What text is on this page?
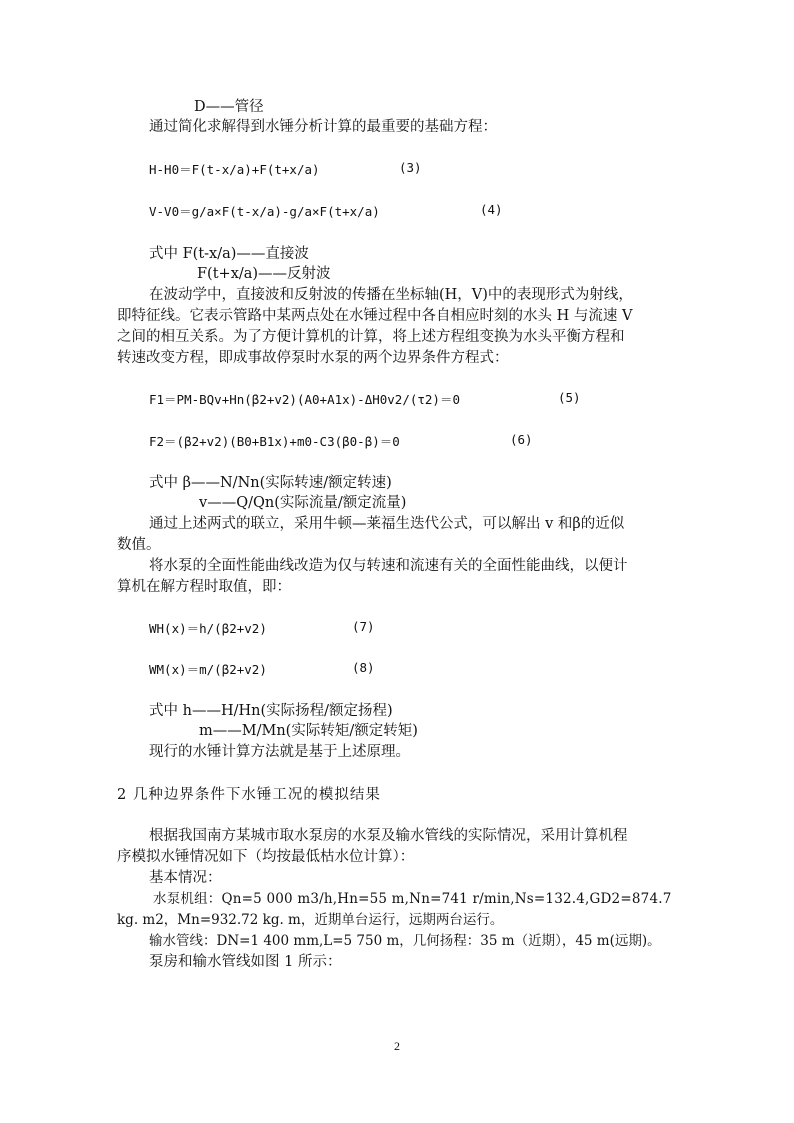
D——管径
通过简化求解得到水锤分析计算的最重要的基础方程：
H-H0＝F(t-x/a)+F(t+x/a)	(3)
V-V0＝g/a×F(t-x/a)-g/a×F(t+x/a)	(4)
式中 F(t-x/a)——直接波
F(t+x/a)——反射波
在波动学中，直接波和反射波的传播在坐标轴(H，V)中的表现形式为射线，
即特征线。它表示管路中某两点处在水锤过程中各自相应时刻的水头 H 与流速 V
之间的相互关系。为了方便计算机的计算，将上述方程组变换为水头平衡方程和
转速改变方程，即成事故停泵时水泵的两个边界条件方程式：
F1＝PM-BQv+Hn(β2+v2)(A0+A1x)-ΔH0v2/(τ2)＝0	(5)
F2＝(β2+v2)(B0+B1x)+m0-C3(β0-β)＝0	(6)
式中 β——N/Nn(实际转速/额定转速)
v——Q/Qn(实际流量/额定流量)
通过上述两式的联立，采用牛顿—莱福生迭代公式，可以解出 v 和β的近似
数值。
将水泵的全面性能曲线改造为仅与转速和流速有关的全面性能曲线，以便计
算机在解方程时取值，即：
WH(x)＝h/(β2+v2)	(7)
WM(x)＝m/(β2+v2)	(8)
式中 h——H/Hn(实际扬程/额定扬程)
m——M/Mn(实际转矩/额定转矩)
现行的水锤计算方法就是基于上述原理。
2 几种边界条件下水锤工况的模拟结果
根据我国南方某城市取水泵房的水泵及输水管线的实际情况，采用计算机程
序模拟水锤情况如下（均按最低枯水位计算）：
基本情况：
水泵机组：Qn=5 000 m3/h,Hn=55 m,Nn=741 r/min,Ns=132.4,GD2=874.7
kg. m2，Mn=932.72 kg. m，近期单台运行，远期两台运行。
输水管线：DN=1 400 mm,L=5 750 m，几何扬程：35 m（近期），45 m(远期)。
泵房和输水管线如图 1 所示：
2
